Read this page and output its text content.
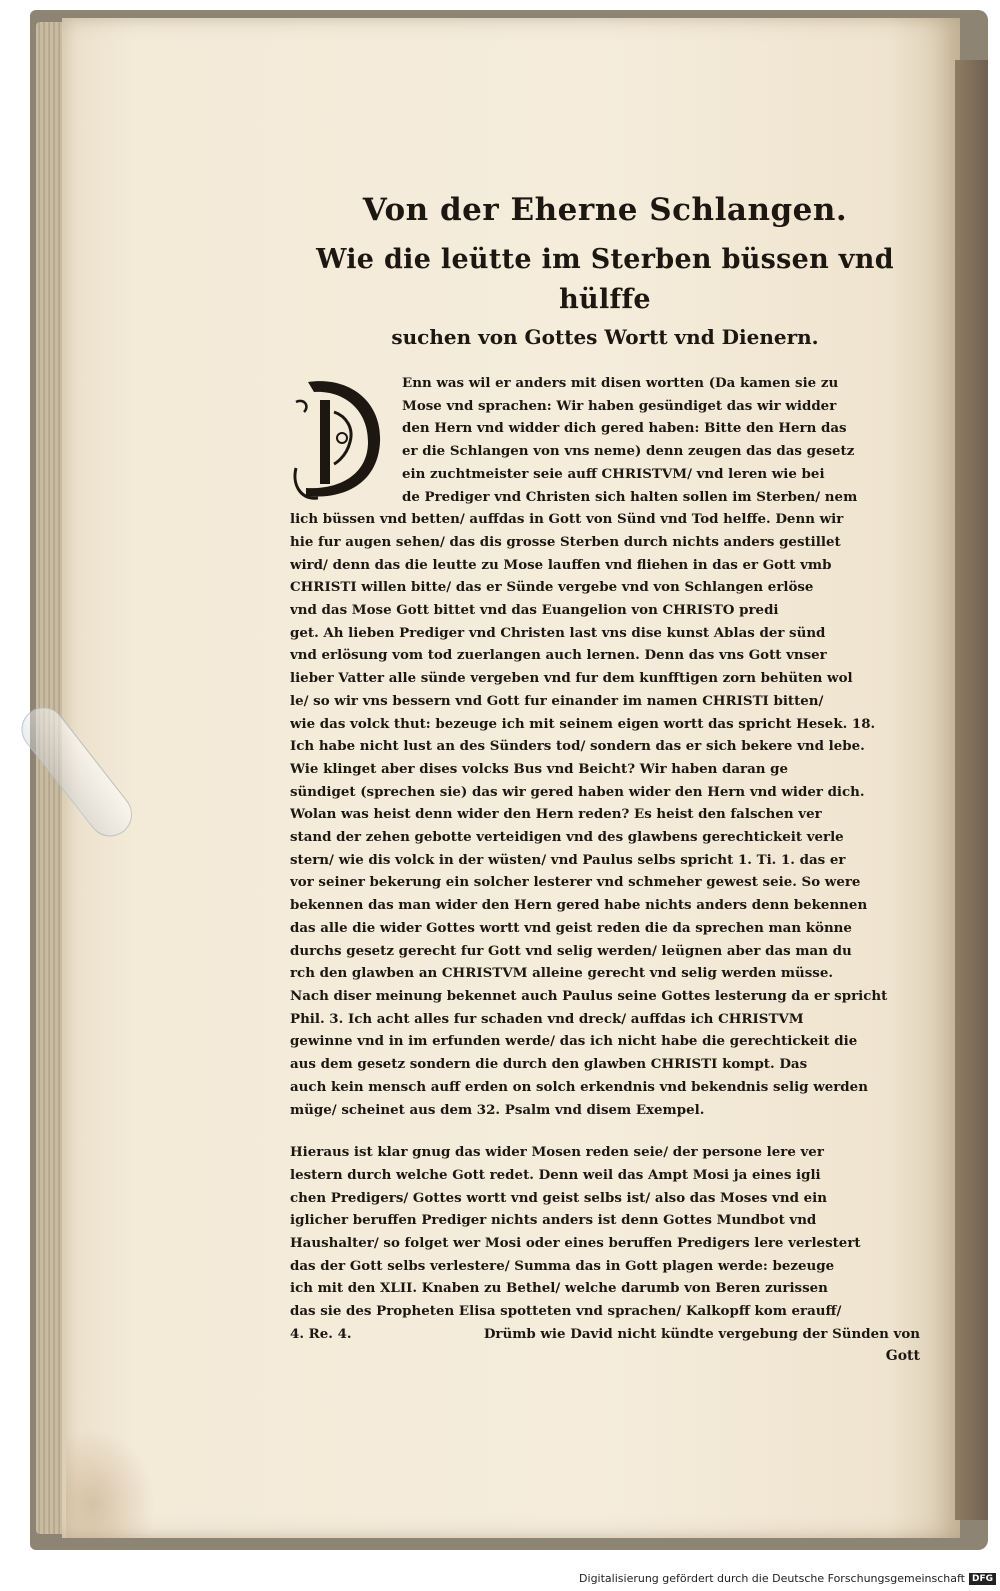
Von der Eherne Schlangen.
Wie die leütte im Sterben büssen vnd hülffe
suchen von Gottes Wortt vnd Dienern.

Enn was wil er anders mit disen wortten (Da kamen sie zu
Mose vnd sprachen: Wir haben gesündiget das wir widder
den Hern vnd widder dich gered haben: Bitte den Hern das
er die Schlangen von vns neme) denn zeugen das das gesetz
ein zuchtmeister seie auff CHRISTVM/ vnd leren wie bei
de Prediger vnd Christen sich halten sollen im Sterben/ nem
lich büssen vnd betten/ auffdas in Gott von Sünd vnd Tod helffe. Denn wir
hie fur augen sehen/ das dis grosse Sterben durch nichts anders gestillet
wird/ denn das die leutte zu Mose lauffen vnd fliehen in das er Gott vmb
CHRISTI willen bitte/ das er Sünde vergebe vnd von Schlangen erlöse
vnd das Mose Gott bittet vnd das Euangelion von CHRISTO predi
get. Ah lieben Prediger vnd Christen last vns dise kunst Ablas der sünd
vnd erlösung vom tod zuerlangen auch lernen. Denn das vns Gott vnser
lieber Vatter alle sünde vergeben vnd fur dem kunfftigen zorn behüten wol
le/ so wir vns bessern vnd Gott fur einander im namen CHRISTI bitten/
wie das volck thut: bezeuge ich mit seinem eigen wortt das spricht Hesek. 18.
Ich habe nicht lust an des Sünders tod/ sondern das er sich bekere vnd lebe.

Wie klinget aber dises volcks Bus vnd Beicht? Wir haben daran ge
sündiget (sprechen sie) das wir gered haben wider den Hern vnd wider dich.
Wolan was heist denn wider den Hern reden? Es heist den falschen ver
stand der zehen gebotte verteidigen vnd des glawbens gerechtickeit verle
stern/ wie dis volck in der wüsten/ vnd Paulus selbs spricht 1. Ti. 1. das er
vor seiner bekerung ein solcher lesterer vnd schmeher gewest seie. So were
bekennen das man wider den Hern gered habe nichts anders denn bekennen
das alle die wider Gottes wortt vnd geist reden die da sprechen man könne
durchs gesetz gerecht fur Gott vnd selig werden/ leügnen aber das man du
rch den glawben an CHRISTVM alleine gerecht vnd selig werden müsse.
Nach diser meinung bekennet auch Paulus seine Gottes lesterung da er spricht
Phil. 3. Ich acht alles fur schaden vnd dreck/ auffdas ich CHRISTVM
gewinne vnd in im erfunden werde/ das ich nicht habe die gerechtickeit die
aus dem gesetz sondern die durch den glawben CHRISTI kompt. Das
auch kein mensch auff erden on solch erkendnis vnd bekendnis selig werden
müge/ scheinet aus dem 32. Psalm vnd disem Exempel.

Hieraus ist klar gnug das wider Mosen reden seie/ der persone lere ver
lestern durch welche Gott redet. Denn weil das Ampt Mosi ja eines igli
chen Predigers/ Gottes wortt vnd geist selbs ist/ also das Moses vnd ein
iglicher beruffen Prediger nichts anders ist denn Gottes Mundbot vnd
Haushalter/ so folget wer Mosi oder eines beruffen Predigers lere verlestert
das der Gott selbs verlestere/ Summa das in Gott plagen werde: bezeuge
ich mit den XLII. Knaben zu Bethel/ welche darumb von Beren zurissen
das sie des Propheten Elisa spotteten vnd sprachen/ Kalkopff kom erauff/

4. Re. 4.	Drümb wie David nicht kündte vergebung der Sünden von
Gott
Digitalisierung gefördert durch die Deutsche Forschungsgemeinschaft DFG
